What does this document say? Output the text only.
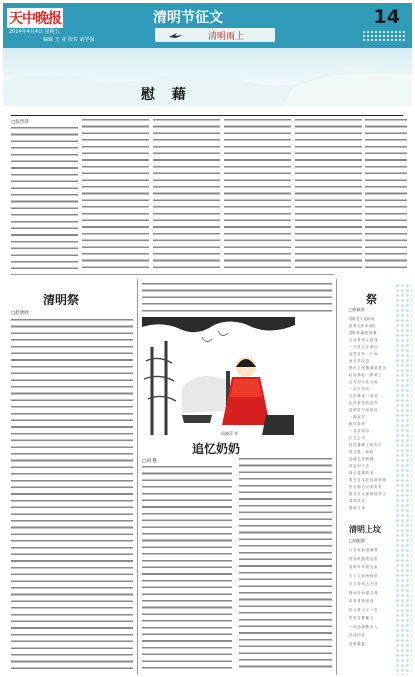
天中晚报
2014年4月4日 星期五
编辑 王 亚 校对 刘学强
清明节征文
清明雨上
14
慰 藉
□张晋萍
清明祭
□赵欣欣
周晓萍 作
追忆奶奶
□刘 艳
祭
□崔新彦
清明 杜宇 乱啼 叫
四 野 人家 青 绿色
清明 孤 魂 纸 钱 飘
几 回 梦 里 又 相 逢
一 日 故 人 在 深 坟
哀 思 化 作 一 片 雨
雨 无 声 叹 息
黑 色 衣 里 蘸 满 绵 思 念
轻 轻 掬 起 一 捧 黄 土
点 点 泪 水 化 为 雨
一 次 次 回 首
为 你 摘 来 一 束 花
化 作 祭 奠 的 哀 伤
清 明 时 节 雨 纷 纷
一 路 泥 泞
跪 叩 祭 拜
一 首 清 明 诗
长 在 心 中
轻 抚 墓 碑 上 的 名 字
思 念 是 一 座 桥
连 接 生 死 两 端
再 也 回 不 去
那 个 温 暖 的 家
我 在 这 头 轻 轻 地 呼 唤
你 在 那 边 可 曾 听 见
我 在 这 头 深 深 地 怀 念
春 风 吹 过
微 雨 又 来
清明上坟
□胡振海
行 至 坟 前 泪 满 襟
香 烛 纸 钱 寄 哀 思
清 明 年 年 祭 先 祖
天 上 人 间 两 相 依
岁 月 匆 匆 去 不 回
细 雨 纷 纷 湿 衣 襟
草 青 青 路 迢 迢
坟 头 新 土 又 一 年
风 吹 过 柳 絮 飞
一 杯 浊 酒 敬 亲 人
归 途 回 首
泪 眼 朦 胧
